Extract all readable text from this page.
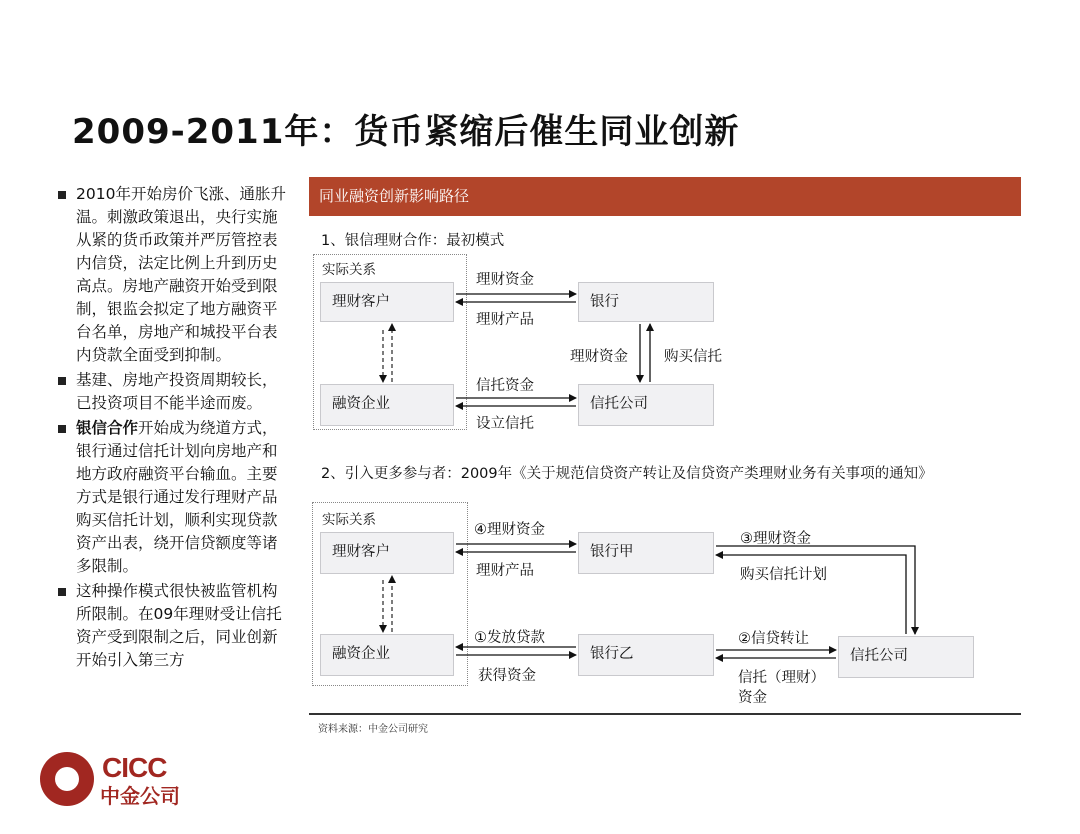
2009-2011年：货币紧缩后催生同业创新
2010年开始房价飞涨、通胀升温。刺激政策退出，央行实施从紧的货币政策并严厉管控表内信贷，法定比例上升到历史高点。房地产融资开始受到限制，银监会拟定了地方融资平台名单，房地产和城投平台表内贷款全面受到抑制。
基建、房地产投资周期较长，已投资项目不能半途而废。
银信合作开始成为绕道方式，银行通过信托计划向房地产和地方政府融资平台输血。主要方式是银行通过发行理财产品购买信托计划，顺利实现贷款资产出表，绕开信贷额度等诸多限制。
这种操作模式很快被监管机构所限制。在09年理财受让信托资产受到限制之后，同业创新开始引入第三方
同业融资创新影响路径
1、银信理财合作：最初模式
实际关系
理财客户	银行
融资企业	信托公司
理财资金
理财产品
理财资金 购买信托
信托资金
设立信托
2、引入更多参与者：2009年《关于规范信贷资产转让及信贷资产类理财业务有关事项的通知》
实际关系
理财客户	银行甲
融资企业	银行乙	信托公司
④理财资金
理财产品
③理财资金
购买信托计划
①发放贷款
获得资金
②信贷转让
信托（理财）
资金
资料来源：中金公司研究
CICC
中金公司
